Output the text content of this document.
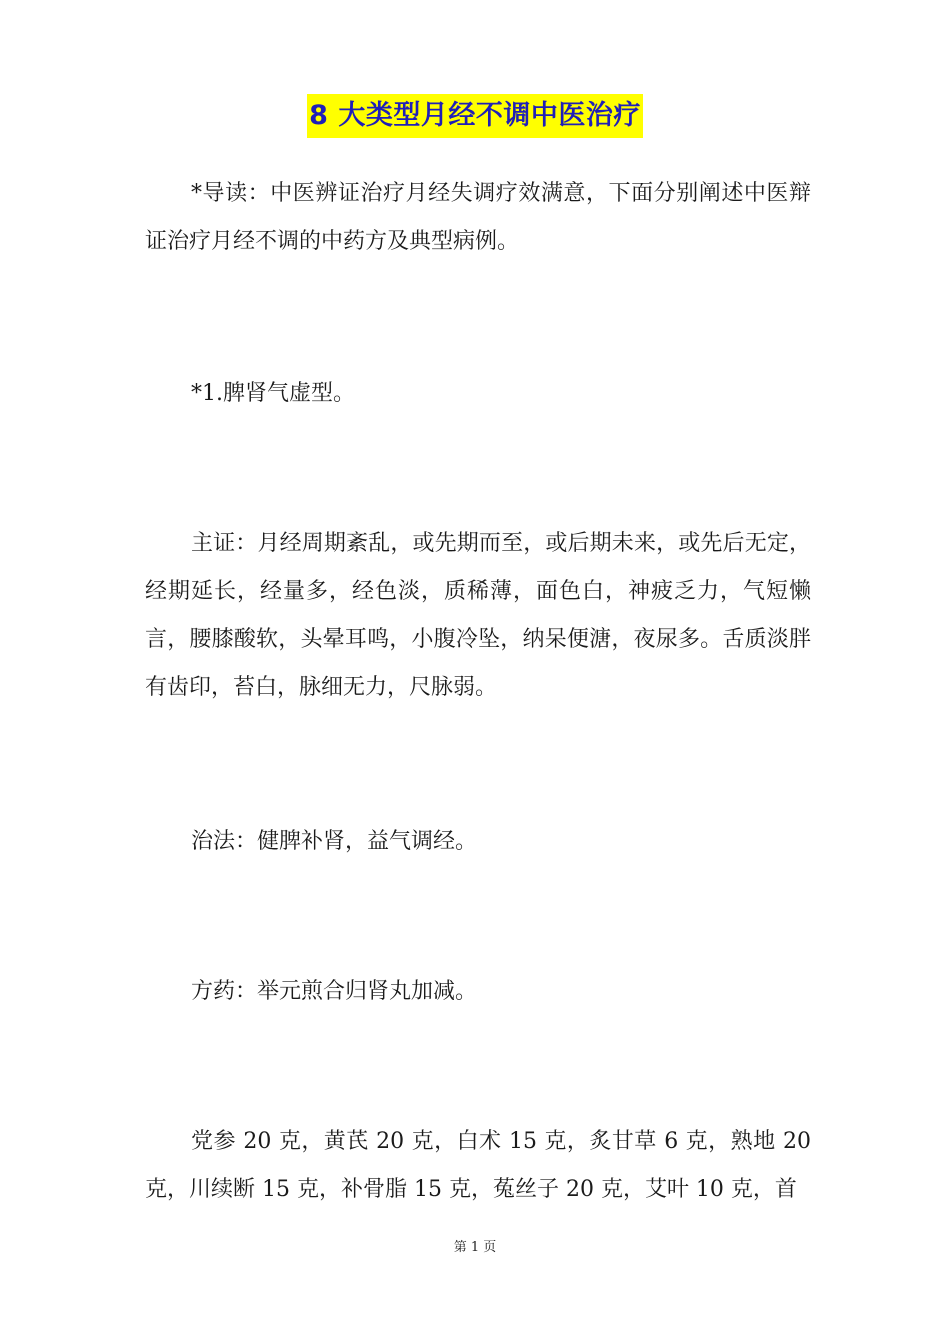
8 大类型月经不调中医治疗

*导读：中医辨证治疗月经失调疗效满意，下面分别阐述中医辩证治疗月经不调的中药方及典型病例。

*1.脾肾气虚型。

主证：月经周期紊乱，或先期而至，或后期未来，或先后无定，经期延长，经量多，经色淡，质稀薄，面色白，神疲乏力，气短懒言，腰膝酸软，头晕耳鸣，小腹冷坠，纳呆便溏，夜尿多。舌质淡胖有齿印，苔白，脉细无力，尺脉弱。

治法：健脾补肾，益气调经。

方药：举元煎合归肾丸加减。

党参 20 克，黄芪 20 克，白术 15 克，炙甘草 6 克，熟地 20 克，川续断 15 克，补骨脂 15 克，菟丝子 20 克，艾叶 10 克，首

第 1 页
